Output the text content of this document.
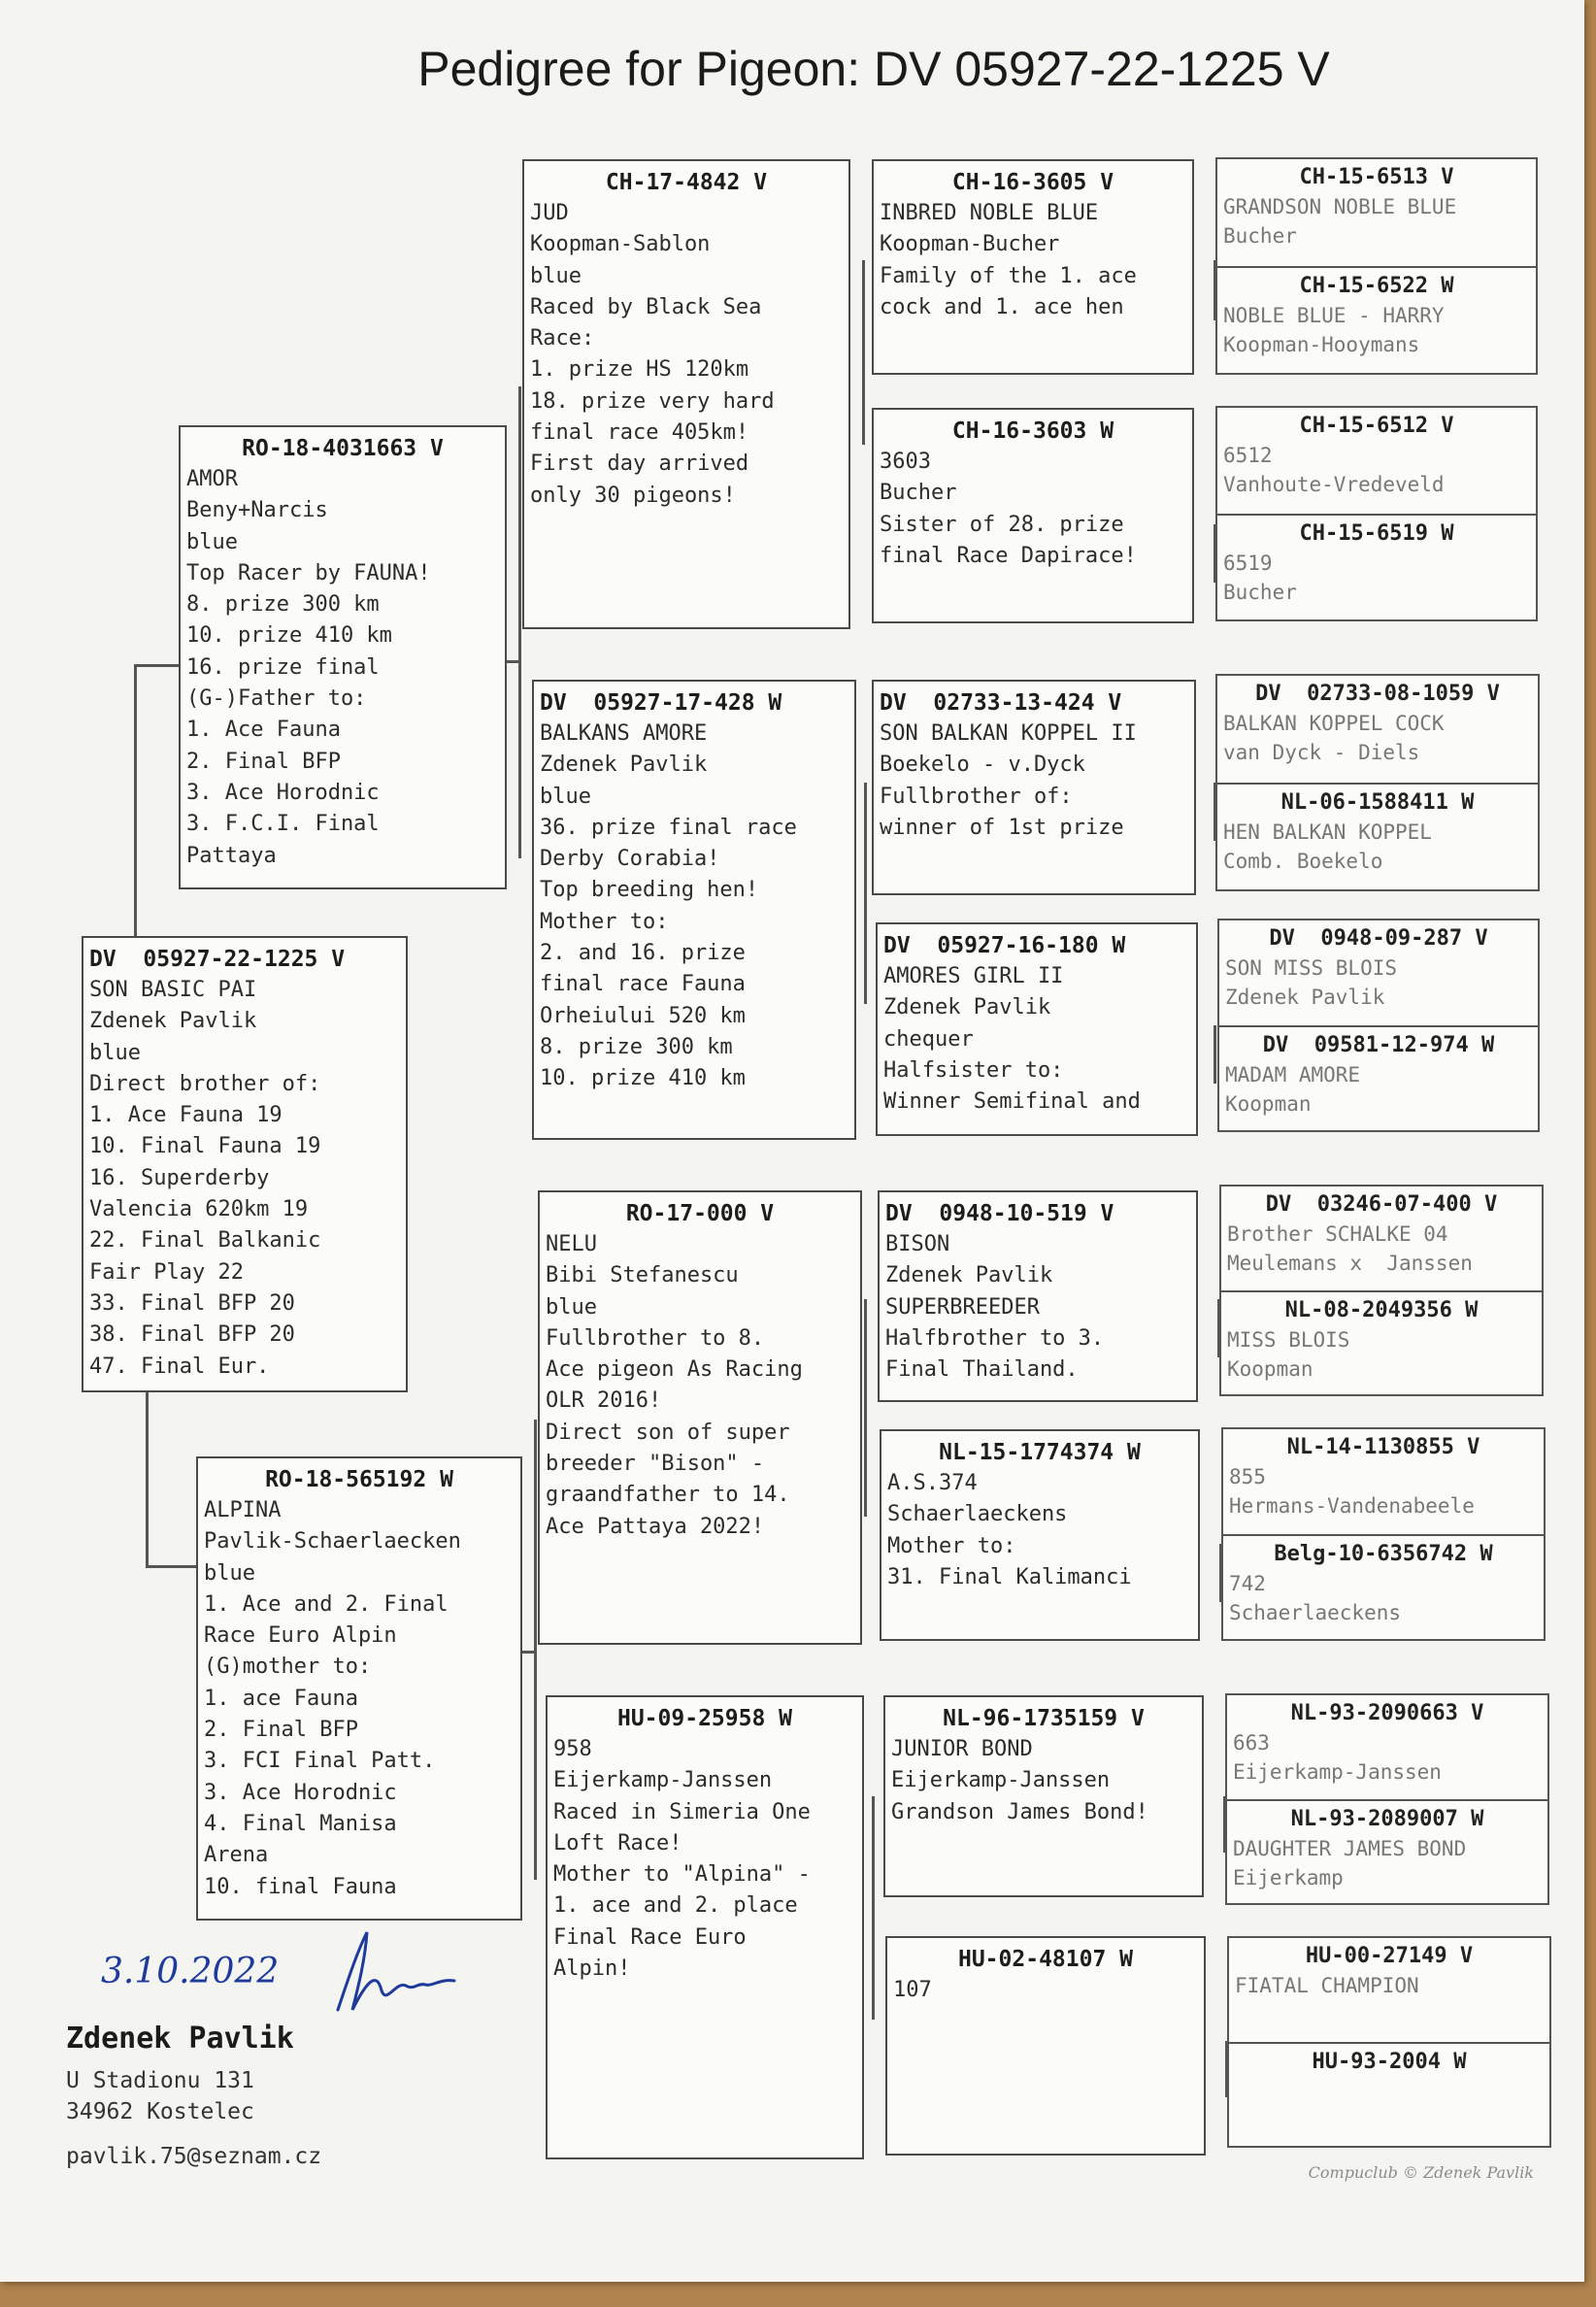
Pedigree for Pigeon: DV 05927-22-1225 V
DV  05927-22-1225 V
SON BASIC PAI
Zdenek Pavlik
blue
Direct brother of:
1. Ace Fauna 19
10. Final Fauna 19
16. Superderby
Valencia 620km 19
22. Final Balkanic
Fair Play 22
33. Final BFP 20
38. Final BFP 20
47. Final Eur.
RO-18-4031663 V
AMOR
Beny+Narcis
blue
Top Racer by FAUNA!
8. prize 300 km
10. prize 410 km
16. prize final
(G-)Father to:
1. Ace Fauna
2. Final BFP
3. Ace Horodnic
3. F.C.I. Final
Pattaya
RO-18-565192 W
ALPINA
Pavlik-Schaerlaecken
blue
1. Ace and 2. Final
Race Euro Alpin
(G)mother to:
1. ace Fauna
2. Final BFP
3. FCI Final Patt.
3. Ace Horodnic
4. Final Manisa
Arena
10. final Fauna
CH-17-4842 V
JUD
Koopman-Sablon
blue
Raced by Black Sea
Race:
1. prize HS 120km
18. prize very hard
final race 405km!
First day arrived
only 30 pigeons!
DV  05927-17-428 W
BALKANS AMORE
Zdenek Pavlik
blue
36. prize final race
Derby Corabia!
Top breeding hen!
Mother to:
2. and 16. prize
final race Fauna
Orheiului 520 km
8. prize 300 km
10. prize 410 km
RO-17-000 V
NELU
Bibi Stefanescu
blue
Fullbrother to 8.
Ace pigeon As Racing
OLR 2016!
Direct son of super
breeder "Bison" -
graandfather to 14.
Ace Pattaya 2022!
HU-09-25958 W
958
Eijerkamp-Janssen
Raced in Simeria One
Loft Race!
Mother to "Alpina" -
1. ace and 2. place
Final Race Euro
Alpin!
CH-16-3605 V
INBRED NOBLE BLUE
Koopman-Bucher
Family of the 1. ace
cock and 1. ace hen
CH-16-3603 W
3603
Bucher
Sister of 28. prize
final Race Dapirace!
DV  02733-13-424 V
SON BALKAN KOPPEL II
Boekelo - v.Dyck
Fullbrother of:
winner of 1st prize
DV  05927-16-180 W
AMORES GIRL II
Zdenek Pavlik
chequer
Halfsister to:
Winner Semifinal and
DV  0948-10-519 V
BISON
Zdenek Pavlik
SUPERBREEDER
Halfbrother to 3.
Final Thailand.
NL-15-1774374 W
A.S.374
Schaerlaeckens
Mother to:
31. Final Kalimanci
NL-96-1735159 V
JUNIOR BOND
Eijerkamp-Janssen
Grandson James Bond!
HU-02-48107 W
107
CH-15-6513 V
GRANDSON NOBLE BLUE
Bucher
CH-15-6522 W
NOBLE BLUE - HARRY
Koopman-Hooymans
CH-15-6512 V
6512
Vanhoute-Vredeveld
CH-15-6519 W
6519
Bucher
DV  02733-08-1059 V
BALKAN KOPPEL COCK
van Dyck - Diels
NL-06-1588411 W
HEN BALKAN KOPPEL
Comb. Boekelo
DV  0948-09-287 V
SON MISS BLOIS
Zdenek Pavlik
DV  09581-12-974 W
MADAM AMORE
Koopman
DV  03246-07-400 V
Brother SCHALKE 04
Meulemans x  Janssen
NL-08-2049356 W
MISS BLOIS
Koopman
NL-14-1130855 V
855
Hermans-Vandenabeele
Belg-10-6356742 W
742
Schaerlaeckens
NL-93-2090663 V
663
Eijerkamp-Janssen
NL-93-2089007 W
DAUGHTER JAMES BOND
Eijerkamp
HU-00-27149 V
FIATAL CHAMPION
HU-93-2004 W
3.10.2022
Zdenek Pavlik
U Stadionu 131
34962 Kostelec
pavlik.75@seznam.cz
Compuclub © Zdenek Pavlik
